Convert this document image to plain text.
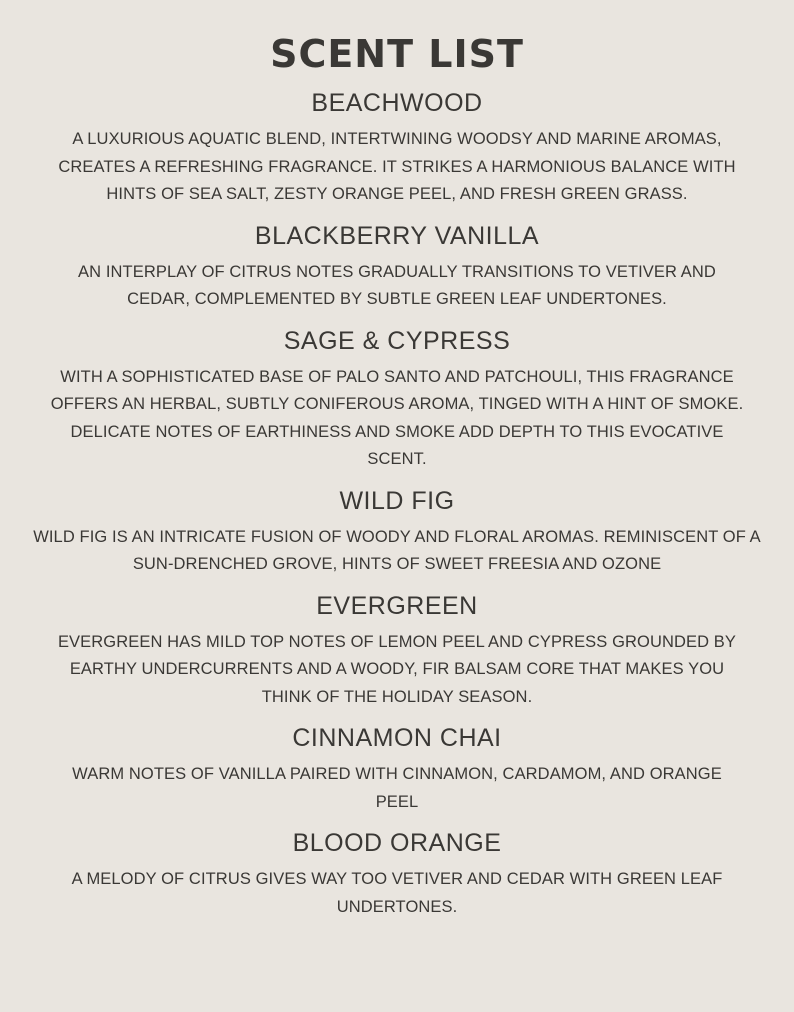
SCENT LIST
BEACHWOOD

A LUXURIOUS AQUATIC BLEND, INTERTWINING WOODSY AND MARINE AROMAS, CREATES A REFRESHING FRAGRANCE. IT STRIKES A HARMONIOUS BALANCE WITH HINTS OF SEA SALT, ZESTY ORANGE PEEL, AND FRESH GREEN GRASS.

BLACKBERRY VANILLA

AN INTERPLAY OF CITRUS NOTES GRADUALLY TRANSITIONS TO VETIVER AND CEDAR, COMPLEMENTED BY SUBTLE GREEN LEAF UNDERTONES.

SAGE & CYPRESS

WITH A SOPHISTICATED BASE OF PALO SANTO AND PATCHOULI, THIS FRAGRANCE OFFERS AN HERBAL, SUBTLY CONIFEROUS AROMA, TINGED WITH A HINT OF SMOKE. DELICATE NOTES OF EARTHINESS AND SMOKE ADD DEPTH TO THIS EVOCATIVE SCENT.

WILD FIG

WILD FIG IS AN INTRICATE FUSION OF WOODY AND FLORAL AROMAS. REMINISCENT OF A SUN-DRENCHED GROVE, HINTS OF SWEET FREESIA AND OZONE

EVERGREEN

EVERGREEN HAS MILD TOP NOTES OF LEMON PEEL AND CYPRESS GROUNDED BY EARTHY UNDERCURRENTS AND A WOODY, FIR BALSAM CORE THAT MAKES YOU THINK OF THE HOLIDAY SEASON.

CINNAMON CHAI

WARM NOTES OF VANILLA PAIRED WITH CINNAMON, CARDAMOM, AND ORANGE PEEL

BLOOD ORANGE

A MELODY OF CITRUS GIVES WAY TOO VETIVER AND CEDAR WITH GREEN LEAF UNDERTONES.
